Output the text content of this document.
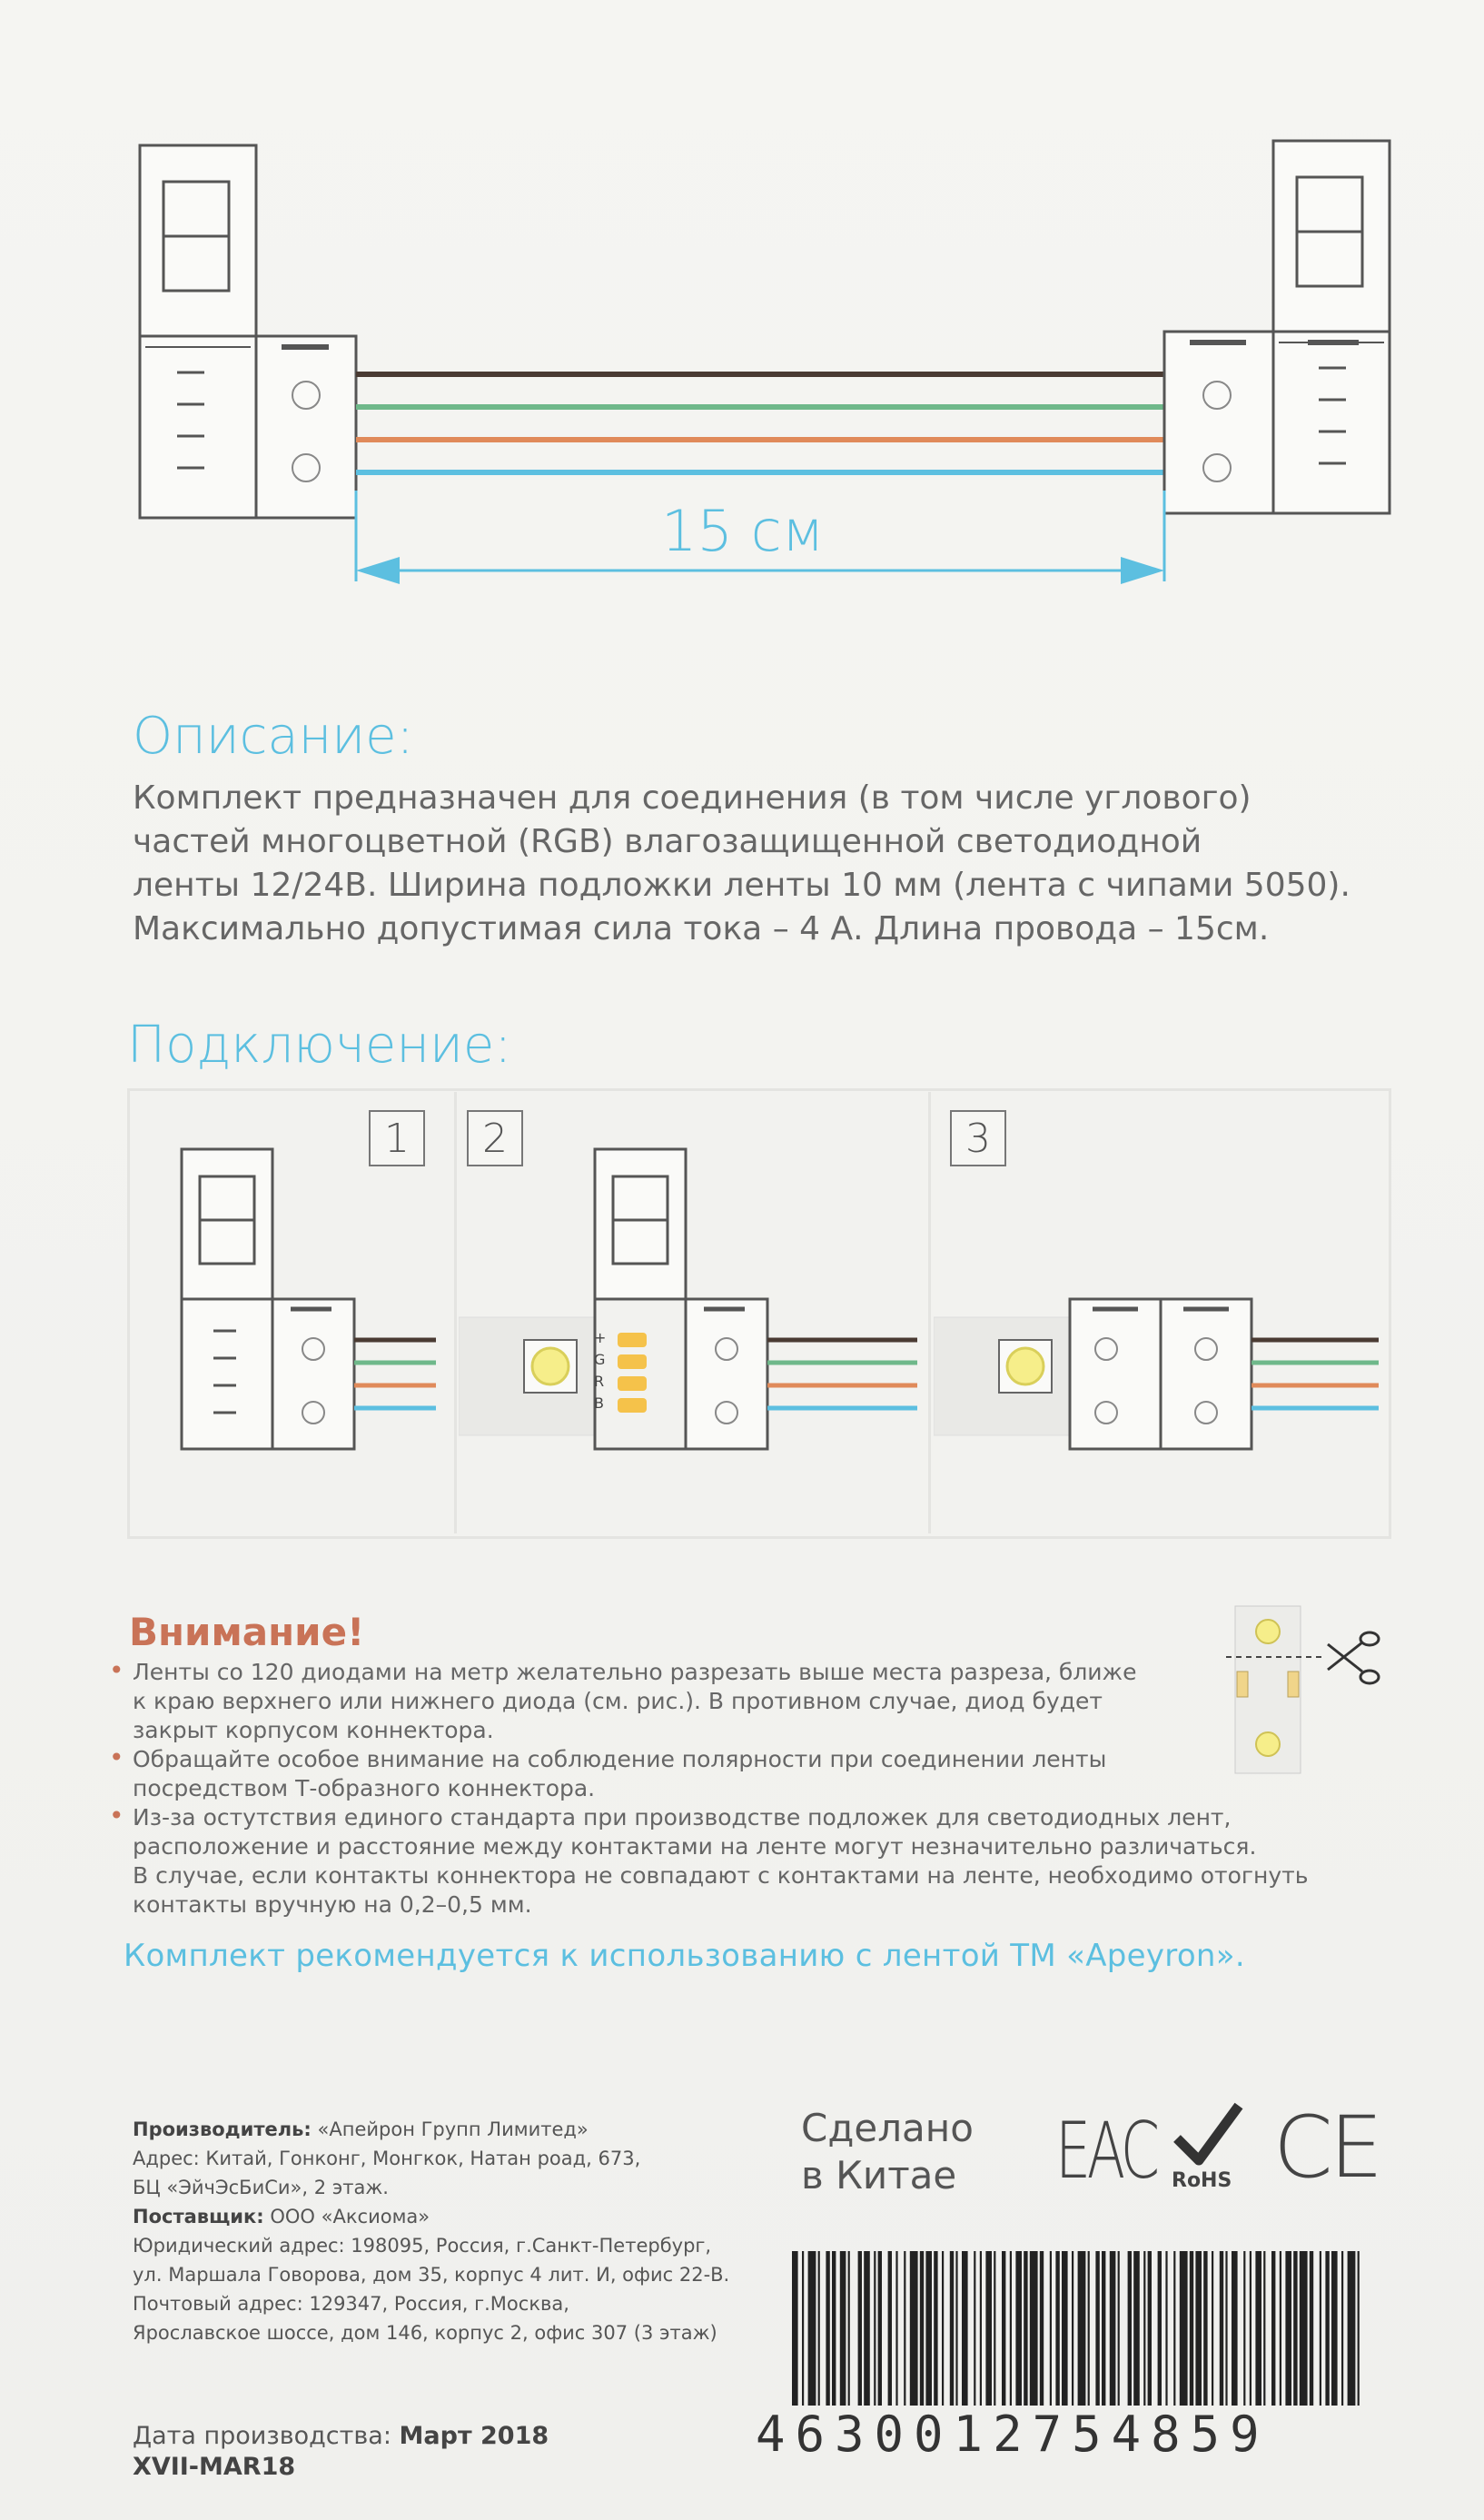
15 см
Описание:
Комплект предназначен для соединения (в том числе углового)
частей многоцветной (RGB) влагозащищенной светодиодной
ленты 12/24В. Ширина подложки ленты 10 мм (лента с чипами 5050).
Максимально допустимая сила тока – 4 А. Длина провода – 15см.
Подключение:
1	2	3
+
G
R
B
Внимание!
• Ленты со 120 диодами на метр желательно разрезать выше места разреза, ближе
к краю верхнего или нижнего диода (см. рис.). В противном случае, диод будет
закрыт корпусом коннектора.
• Обращайте особое внимание на соблюдение полярности при соединении ленты
посредством Т-образного коннектора.
• Из-за остутствия единого стандарта при производстве подложек для светодиодных лент,
расположение и расстояние между контактами на ленте могут незначительно различаться.
В случае, если контакты коннектора не совпадают с контактами на ленте, необходимо отогнуть
контакты вручную на 0,2–0,5 мм.
Комплект рекомендуется к использованию с лентой ТМ «Apeyron».
Производитель: «Апейрон Групп Лимитед»
Адрес: Китай, Гонконг, Монгкок, Натан роад, 673,
БЦ «ЭйчЭсБиСи», 2 этаж.
Поставщик: ООО «Аксиома»
Юридический адрес: 198095, Россия, г.Санкт-Петербург,
ул. Маршала Говорова, дом 35, корпус 4 лит. И, офис 22-В.
Почтовый адрес: 129347, Россия, г.Москва,
Ярославское шоссе, дом 146, корпус 2, офис 307 (3 этаж)
Сделано
в Китае EAC RoHS CE
4630012754859
Дата производства: Март 2018
XVII-MAR18
